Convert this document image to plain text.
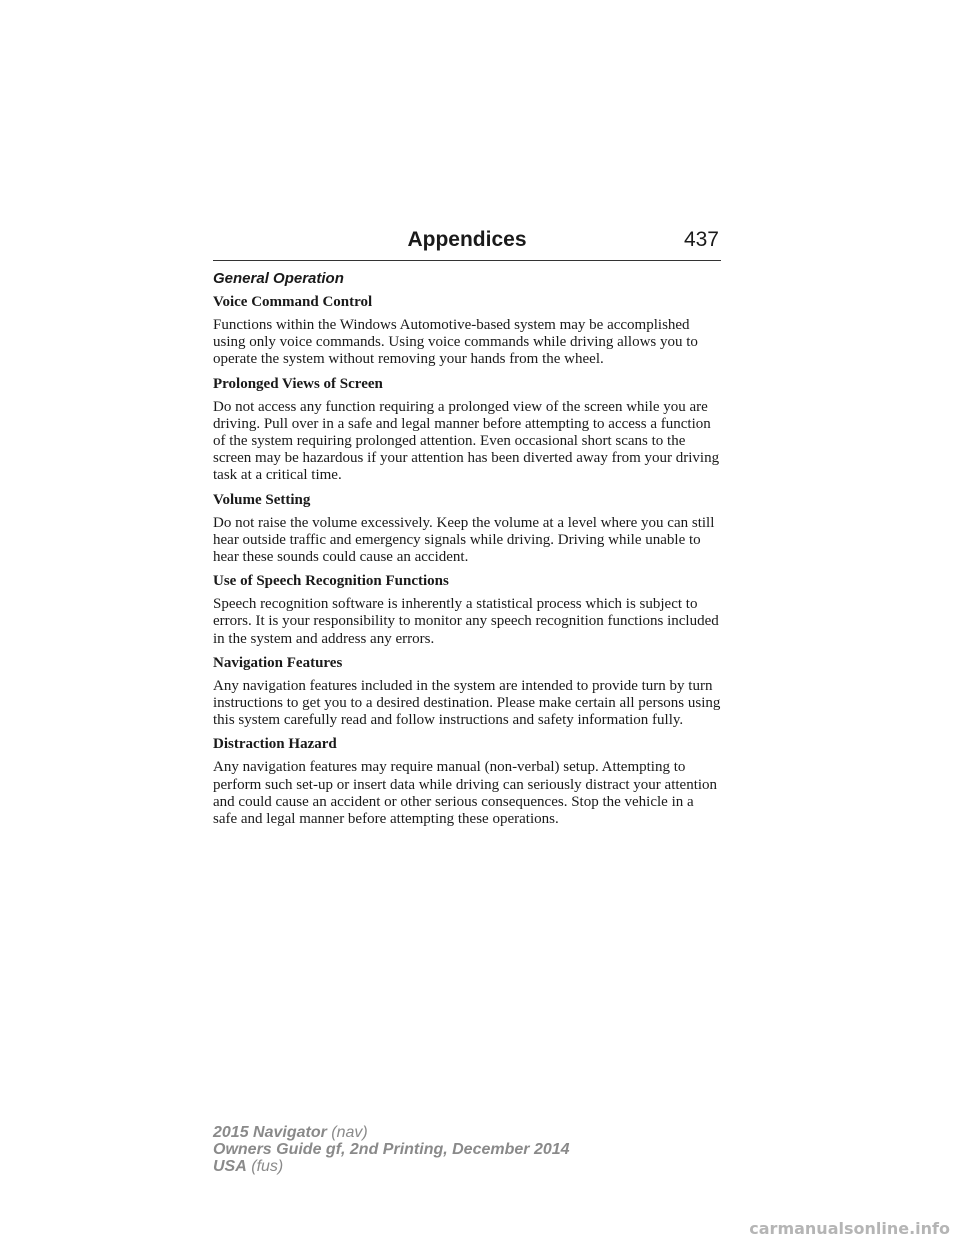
Appendices	437
General Operation
Voice Command Control
Functions within the Windows Automotive-based system may be accomplished using only voice commands. Using voice commands while driving allows you to operate the system without removing your hands from the wheel.
Prolonged Views of Screen
Do not access any function requiring a prolonged view of the screen while you are driving. Pull over in a safe and legal manner before attempting to access a function of the system requiring prolonged attention. Even occasional short scans to the screen may be hazardous if your attention has been diverted away from your driving task at a critical time.
Volume Setting
Do not raise the volume excessively. Keep the volume at a level where you can still hear outside traffic and emergency signals while driving. Driving while unable to hear these sounds could cause an accident.
Use of Speech Recognition Functions
Speech recognition software is inherently a statistical process which is subject to errors. It is your responsibility to monitor any speech recognition functions included in the system and address any errors.
Navigation Features
Any navigation features included in the system are intended to provide turn by turn instructions to get you to a desired destination. Please make certain all persons using this system carefully read and follow instructions and safety information fully.
Distraction Hazard
Any navigation features may require manual (non-verbal) setup. Attempting to perform such set-up or insert data while driving can seriously distract your attention and could cause an accident or other serious consequences. Stop the vehicle in a safe and legal manner before attempting these operations.
2015 Navigator (nav)
Owners Guide gf, 2nd Printing, December 2014
USA (fus)
carmanualsonline.info
